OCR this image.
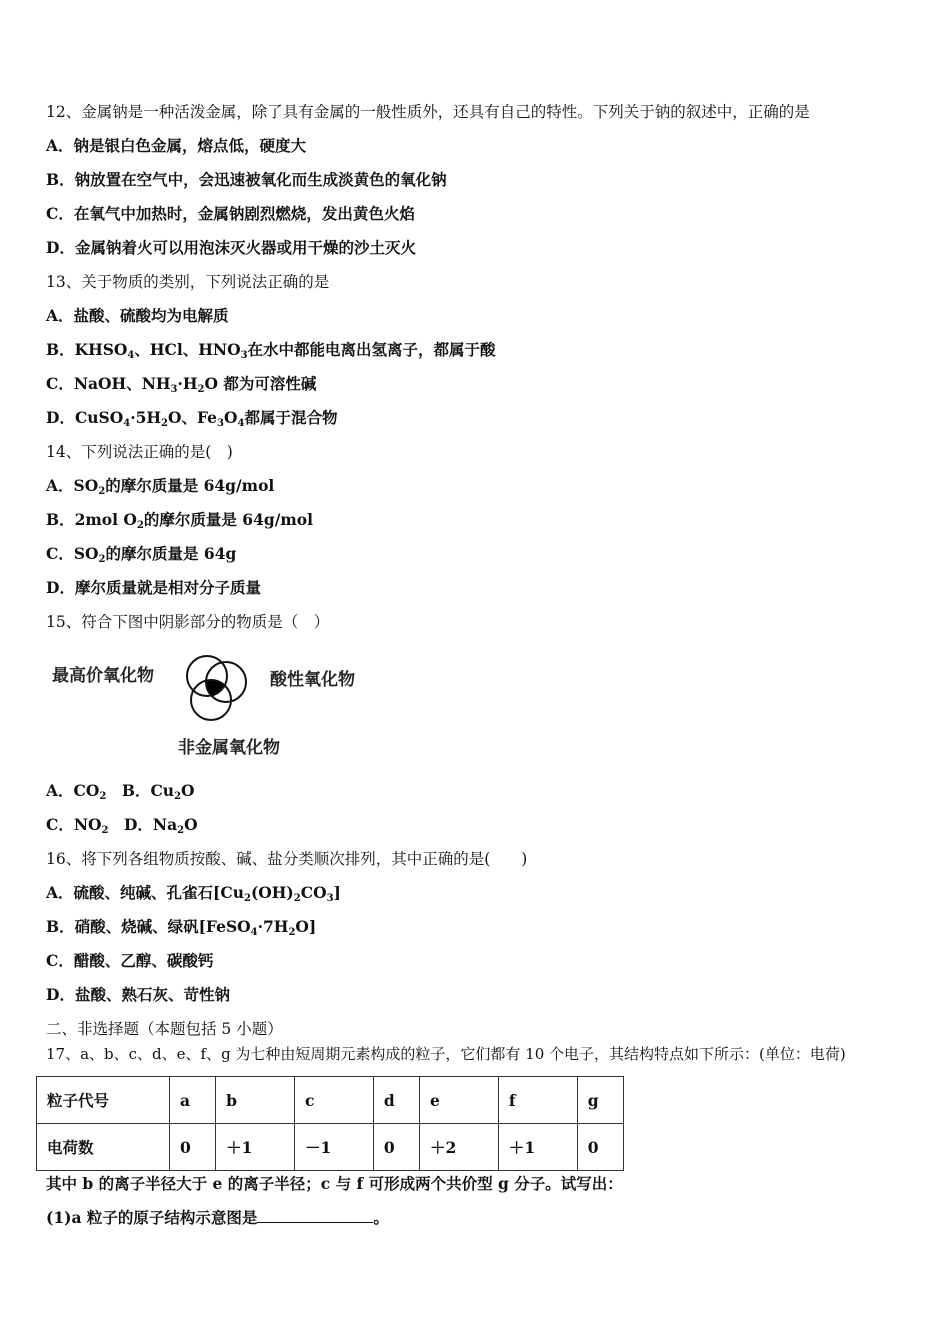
12、金属钠是一种活泼金属，除了具有金属的一般性质外，还具有自己的特性。下列关于钠的叙述中，正确的是
A．钠是银白色金属，熔点低，硬度大
B．钠放置在空气中，会迅速被氧化而生成淡黄色的氧化钠
C．在氧气中加热时，金属钠剧烈燃烧，发出黄色火焰
D．金属钠着火可以用泡沫灭火器或用干燥的沙土灭火
13、关于物质的类别，下列说法正确的是
A．盐酸、硫酸均为电解质
B．$KHSO_4$、HCl、$HNO_3$在水中都能电离出氢离子，都属于酸
C．NaOH、$NH_3\cdot H_2O$ 都为可溶性碱
D．$CuSO_4\cdot 5H_2O$、$Fe_3O_4$都属于混合物
14、下列说法正确的是(　)
A．$SO_2$的摩尔质量是 64g/mol
B．2mol $O_2$的摩尔质量是 64g/mol
C．$SO_2$的摩尔质量是 64g
D．摩尔质量就是相对分子质量
15、符合下图中阴影部分的物质是（　）
最高价氧化物	酸性氧化物
非金属氧化物
A．$CO_2$　B．$Cu_2O$
C．$NO_2$　D．$Na_2O$
16、将下列各组物质按酸、碱、盐分类顺次排列，其中正确的是(　　)
A．硫酸、纯碱、孔雀石$[Cu_2(OH)_2CO_3]$
B．硝酸、烧碱、绿矾$[FeSO_4\cdot 7H_2O]$
C．醋酸、乙醇、碳酸钙
D．盐酸、熟石灰、苛性钠
二、非选择题（本题包括 5 小题）
17、a、b、c、d、e、f、g 为七种由短周期元素构成的粒子，它们都有 10 个电子，其结构特点如下所示：(单位：电荷)
粒子代号	a	b	c	d	e	f	g
电荷数	0	＋1	－1	0	＋2	＋1	0
其中 b 的离子半径大于 e 的离子半径；c 与 f 可形成两个共价型 g 分子。试写出：
(1)a 粒子的原子结构示意图是	。
